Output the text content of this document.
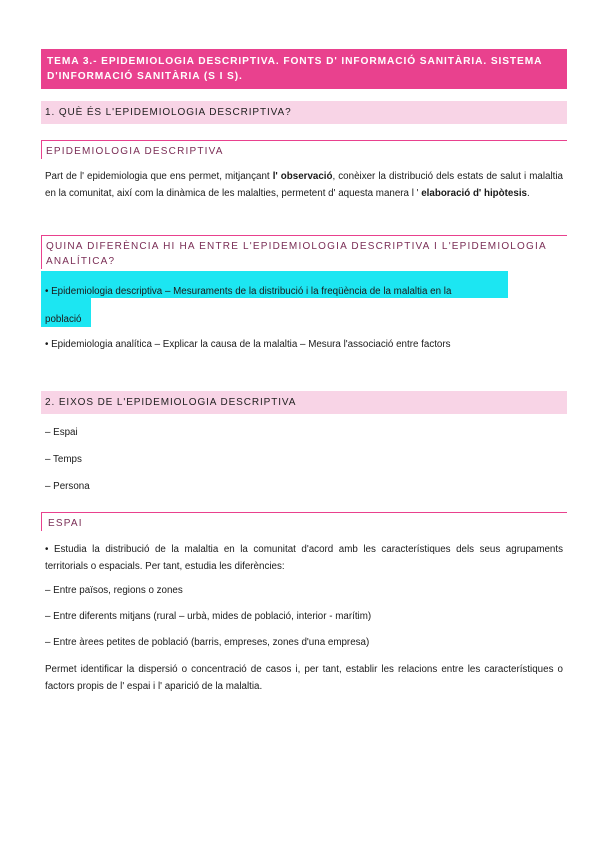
TEMA 3.- EPIDEMIOLOGIA DESCRIPTIVA. FONTS D' INFORMACIÓ SANITÀRIA. SISTEMA
D'INFORMACIÓ SANITÀRIA (S I S).
1. QUÈ ÉS L'EPIDEMIOLOGIA DESCRIPTIVA?
EPIDEMIOLOGIA DESCRIPTIVA

Part de l' epidemiologia que ens permet, mitjançant l' observació, conèixer la distribució dels estats de salut i malaltia en la comunitat, així com la dinàmica de les malalties, permetent d' aquesta manera l ' elaboració d' hipòtesis.

QUINA DIFERÈNCIA HI HA ENTRE L'EPIDEMIOLOGIA DESCRIPTIVA I L'EPIDEMIOLOGIA
ANALÍTICA?
• Epidemiologia descriptiva – Mesuraments de la distribució i la freqüència de la malaltia en la
població
• Epidemiologia analítica – Explicar la causa de la malaltia – Mesura l'associació entre factors
2. EIXOS DE L'EPIDEMIOLOGIA DESCRIPTIVA
– Espai
– Temps
– Persona
ESPAI

• Estudia la distribució de la malaltia en la comunitat d'acord amb les característiques dels seus agrupaments territorials o espacials. Per tant, estudia les diferències:

– Entre països, regions o zones
– Entre diferents mitjans (rural – urbà, mides de població, interior - marítim)
– Entre àrees petites de població (barris, empreses, zones d'una empresa)

Permet identificar la dispersió o concentració de casos i, per tant, establir les relacions entre les característiques o factors propis de l' espai i l' aparició de la malaltia.
